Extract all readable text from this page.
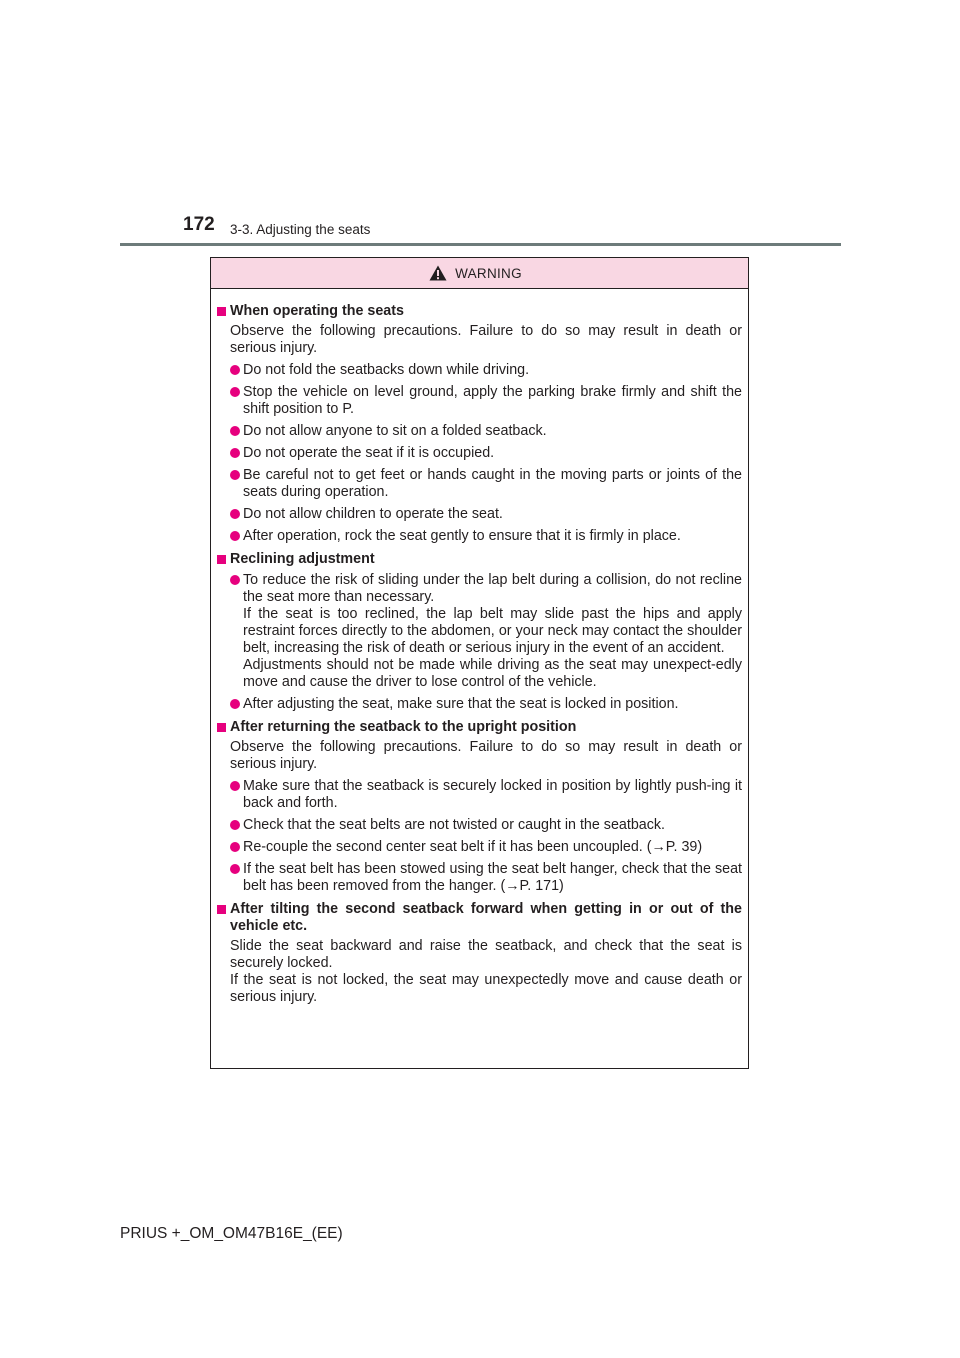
172 3-3. Adjusting the seats
WARNING
When operating the seats

Observe the following precautions. Failure to do so may result in death or serious injury.

Do not fold the seatbacks down while driving.

Stop the vehicle on level ground, apply the parking brake firmly and shift the shift position to P.

Do not allow anyone to sit on a folded seatback.

Do not operate the seat if it is occupied.

Be careful not to get feet or hands caught in the moving parts or joints of the seats during operation.

Do not allow children to operate the seat.

After operation, rock the seat gently to ensure that it is firmly in place.

Reclining adjustment

To reduce the risk of sliding under the lap belt during a collision, do not recline the seat more than necessary.

If the seat is too reclined, the lap belt may slide past the hips and apply restraint forces directly to the abdomen, or your neck may contact the shoulder belt, increasing the risk of death or serious injury in the event of an accident.

Adjustments should not be made while driving as the seat may unexpect-edly move and cause the driver to lose control of the vehicle.

After adjusting the seat, make sure that the seat is locked in position.

After returning the seatback to the upright position

Observe the following precautions. Failure to do so may result in death or serious injury.

Make sure that the seatback is securely locked in position by lightly push-ing it back and forth.

Check that the seat belts are not twisted or caught in the seatback.

Re-couple the second center seat belt if it has been uncoupled. (→P. 39)

If the seat belt has been stowed using the seat belt hanger, check that the seat belt has been removed from the hanger. (→P. 171)

After tilting the second seatback forward when getting in or out of the vehicle etc.

Slide the seat backward and raise the seatback, and check that the seat is securely locked.

If the seat is not locked, the seat may unexpectedly move and cause death or serious injury.

PRIUS +_OM_OM47B16E_(EE)
